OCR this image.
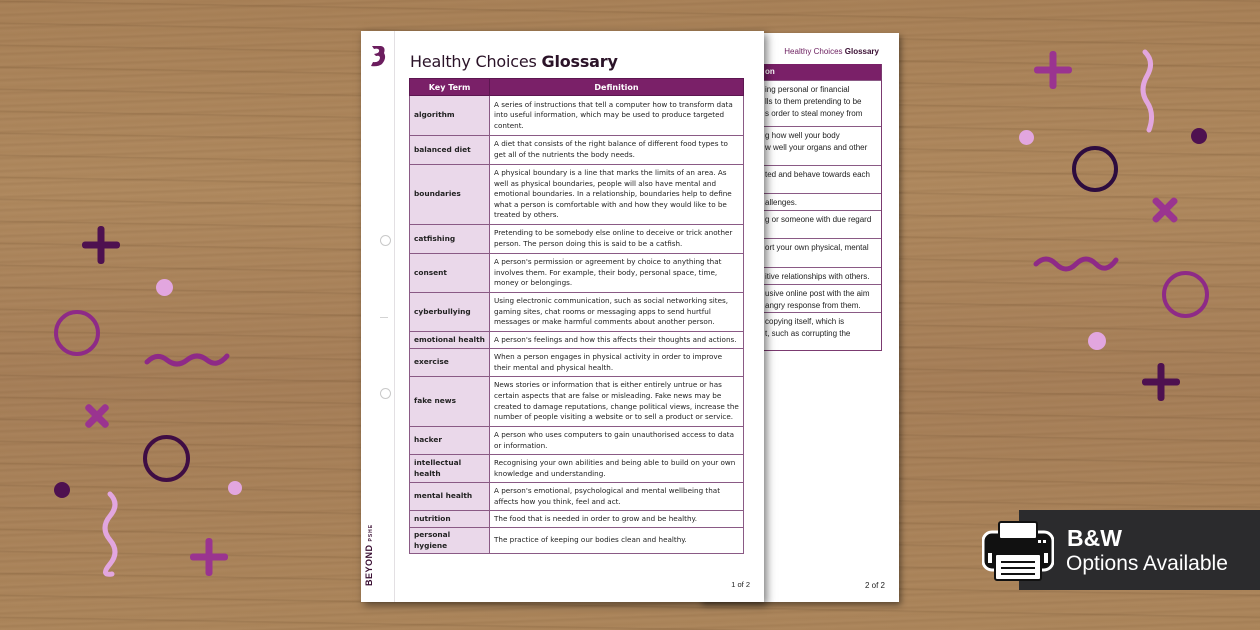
Healthy Choices Glossary
on
ing personal or financial
lls to them pretending to be
s order to steal money from
g how well your body
w well your organs and other
ted and behave towards each
allenges.
g or someone with due regard
ort your own physical, mental
itive relationships with others.
usive online post with the aim
angry response from them.
copying itself, which is
t, such as corrupting the
2 of 2
BEYONDPSHE
Healthy Choices Glossary
Key Term	Definition
algorithm	A series of instructions that tell a computer how to transform data into useful information, which may be used to produce targeted content.
balanced diet	A diet that consists of the right balance of different food types to get all of the nutrients the body needs.
boundaries	A physical boundary is a line that marks the limits of an area. As well as physical boundaries, people will also have mental and emotional boundaries. In a relationship, boundaries help to define what a person is comfortable with and how they would like to be treated by others.
catfishing	Pretending to be somebody else online to deceive or trick another person. The person doing this is said to be a catfish.
consent	A person's permission or agreement by choice to anything that involves them. For example, their body, personal space, time, money or belongings.
cyberbullying	Using electronic communication, such as social networking sites, gaming sites, chat rooms or messaging apps to send hurtful messages or make harmful comments about another person.
emotional health	A person's feelings and how this affects their thoughts and actions.
exercise	When a person engages in physical activity in order to improve their mental and physical health.
fake news	News stories or information that is either entirely untrue or has certain aspects that are false or misleading. Fake news may be created to damage reputations, change political views, increase the number of people visiting a website or to sell a product or service.
hacker	A person who uses computers to gain unauthorised access to data or information.
intellectual health	Recognising your own abilities and being able to build on your own knowledge and understanding.
mental health	A person's emotional, psychological and mental wellbeing that affects how you think, feel and act.
nutrition	The food that is needed in order to grow and be healthy.
personal hygiene	The practice of keeping our bodies clean and healthy.
1 of 2
B&W
Options Available
